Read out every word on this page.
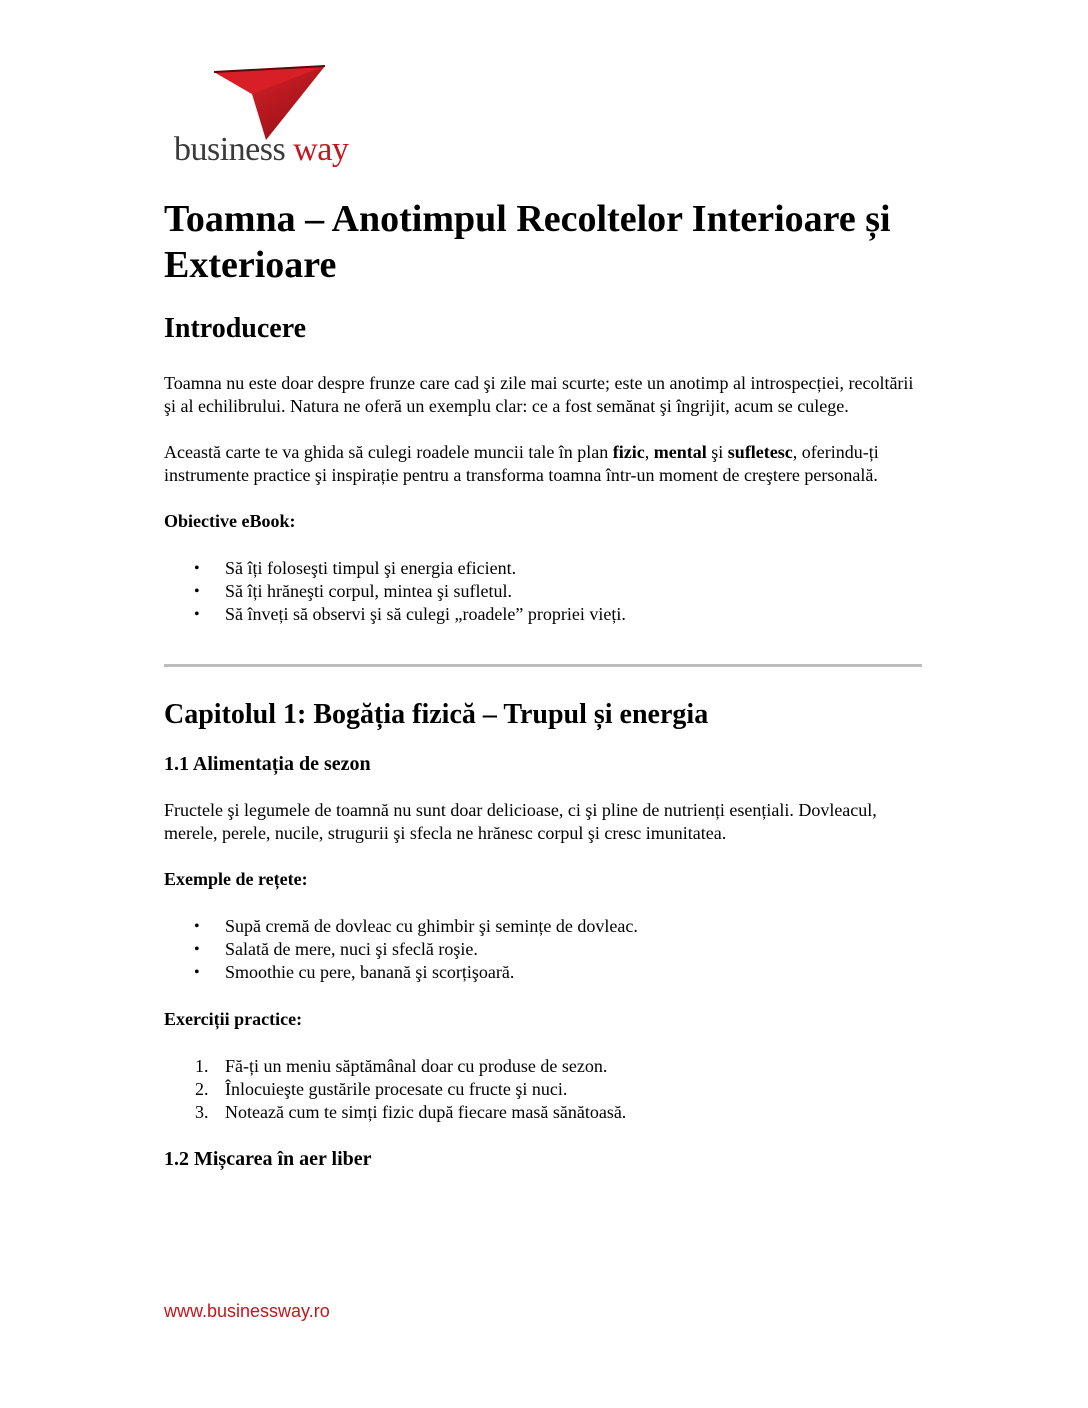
business way
Toamna – Anotimpul Recoltelor Interioare și Exterioare
Introducere

Toamna nu este doar despre frunze care cad şi zile mai scurte; este un anotimp al introspecției, recoltării şi al echilibrului. Natura ne oferă un exemplu clar: ce a fost semănat şi îngrijit, acum se culege.

Această carte te va ghida să culegi roadele muncii tale în plan fizic, mental şi sufletesc, oferindu-ți instrumente practice şi inspirație pentru a transforma toamna într-un moment de creştere personală.

Obiective eBook:

• Să îți foloseşti timpul şi energia eficient.
• Să îți hrăneşti corpul, mintea şi sufletul.
• Să înveți să observi şi să culegi „roadele” propriei vieți.
Capitolul 1: Bogăția fizică – Trupul și energia
1.1 Alimentația de sezon

Fructele şi legumele de toamnă nu sunt doar delicioase, ci şi pline de nutrienți esențiali. Dovleacul, merele, perele, nucile, strugurii şi sfecla ne hrănesc corpul şi cresc imunitatea.

Exemple de rețete:

• Supă cremă de dovleac cu ghimbir şi semințe de dovleac.
• Salată de mere, nuci şi sfeclă roşie.
• Smoothie cu pere, banană şi scorțişoară.

Exerciții practice:

1. Fă-ți un meniu săptămânal doar cu produse de sezon.
2. Înlocuieşte gustările procesate cu fructe şi nuci.
3. Notează cum te simți fizic după fiecare masă sănătoasă.
1.2 Mișcarea în aer liber
www.businessway.ro
